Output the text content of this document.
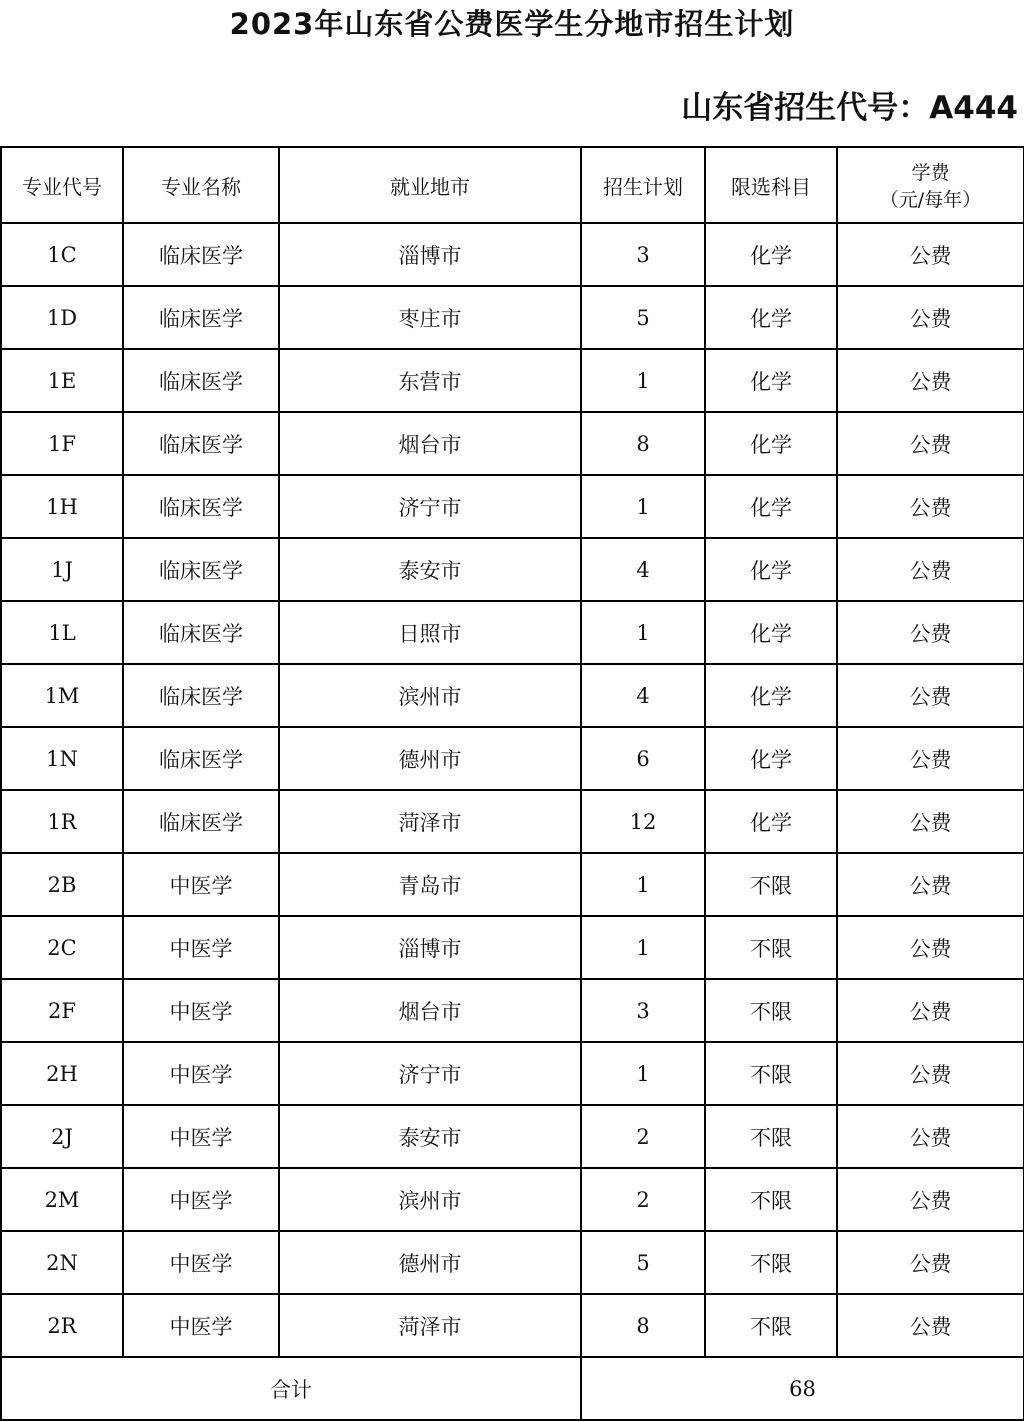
2023年山东省公费医学生分地市招生计划
山东省招生代号：A444
专业代号	专业名称	就业地市	招生计划	限选科目	学费
（元/每年）

1C	临床医学	淄博市	3	化学	公费
1D	临床医学	枣庄市	5	化学	公费
1E	临床医学	东营市	1	化学	公费
1F	临床医学	烟台市	8	化学	公费
1H	临床医学	济宁市	1	化学	公费
1J	临床医学	泰安市	4	化学	公费
1L	临床医学	日照市	1	化学	公费
1M	临床医学	滨州市	4	化学	公费
1N	临床医学	德州市	6	化学	公费
1R	临床医学	菏泽市	12	化学	公费
2B	中医学	青岛市	1	不限	公费
2C	中医学	淄博市	1	不限	公费
2F	中医学	烟台市	3	不限	公费
2H	中医学	济宁市	1	不限	公费
2J	中医学	泰安市	2	不限	公费
2M	中医学	滨州市	2	不限	公费
2N	中医学	德州市	5	不限	公费
2R	中医学	菏泽市	8	不限	公费
合计			68		
